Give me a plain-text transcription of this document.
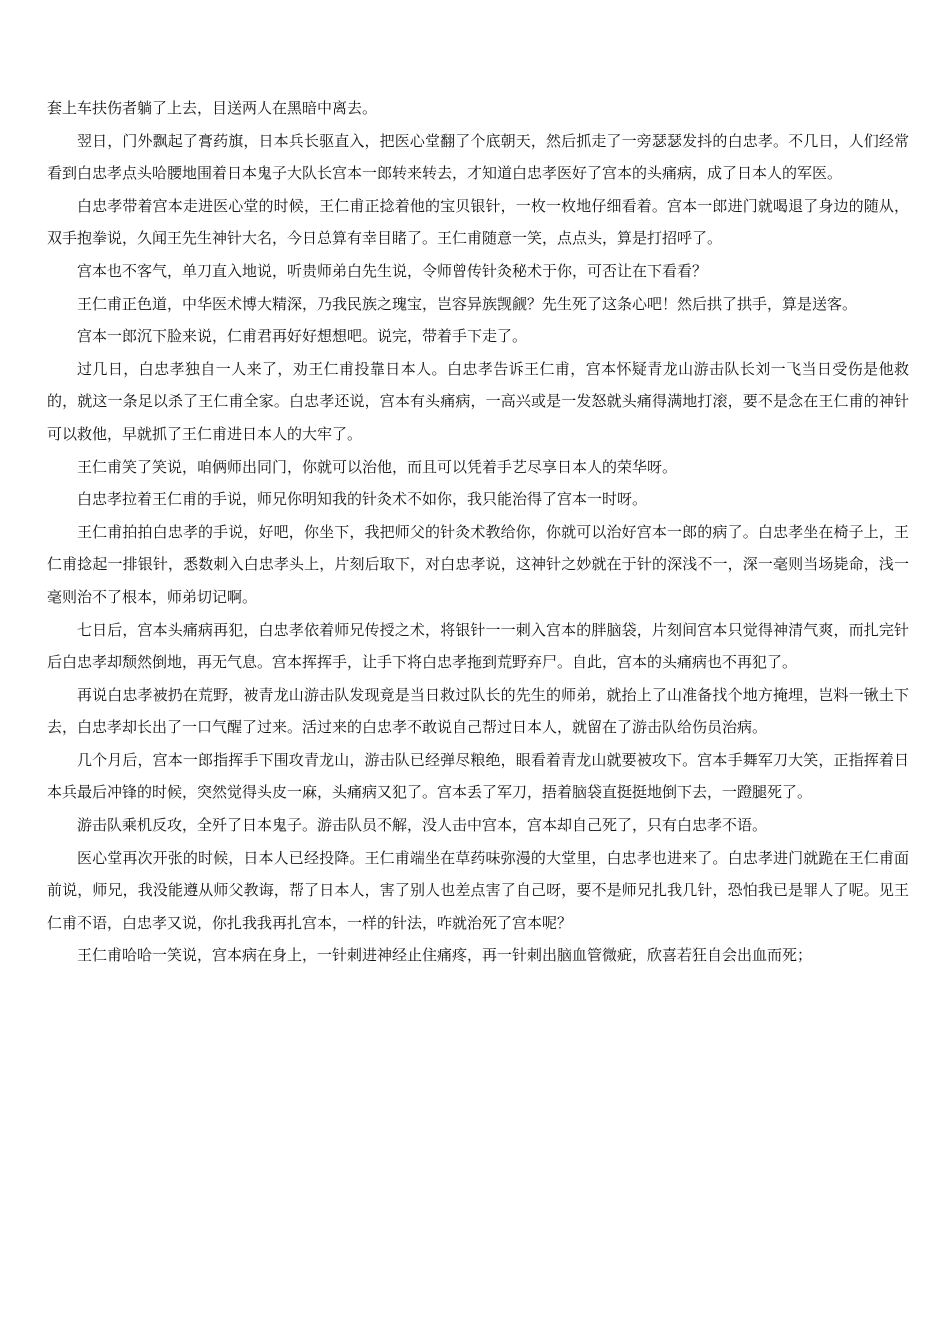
套上车扶伤者躺了上去，目送两人在黑暗中离去。

翌日，门外飘起了膏药旗，日本兵长驱直入，把医心堂翻了个底朝天，然后抓走了一旁瑟瑟发抖的白忠孝。不几日，人们经常看到白忠孝点头哈腰地围着日本鬼子大队长宫本一郎转来转去，才知道白忠孝医好了宫本的头痛病，成了日本人的军医。

白忠孝带着宫本走进医心堂的时候，王仁甫正捻着他的宝贝银针，一枚一枚地仔细看着。宫本一郎进门就喝退了身边的随从，双手抱拳说，久闻王先生神针大名，今日总算有幸目睹了。王仁甫随意一笑，点点头，算是打招呼了。

宫本也不客气，单刀直入地说，听贵师弟白先生说，令师曾传针灸秘术于你，可否让在下看看？

王仁甫正色道，中华医术博大精深，乃我民族之瑰宝，岂容异族觊觎？先生死了这条心吧！然后拱了拱手，算是送客。

宫本一郎沉下脸来说，仁甫君再好好想想吧。说完，带着手下走了。

过几日，白忠孝独自一人来了，劝王仁甫投靠日本人。白忠孝告诉王仁甫，宫本怀疑青龙山游击队长刘一飞当日受伤是他救的，就这一条足以杀了王仁甫全家。白忠孝还说，宫本有头痛病，一高兴或是一发怒就头痛得满地打滚，要不是念在王仁甫的神针可以救他，早就抓了王仁甫进日本人的大牢了。

王仁甫笑了笑说，咱俩师出同门，你就可以治他，而且可以凭着手艺尽享日本人的荣华呀。

白忠孝拉着王仁甫的手说，师兄你明知我的针灸术不如你，我只能治得了宫本一时呀。

王仁甫拍拍白忠孝的手说，好吧，你坐下，我把师父的针灸术教给你，你就可以治好宫本一郎的病了。白忠孝坐在椅子上，王仁甫捻起一排银针，悉数刺入白忠孝头上，片刻后取下，对白忠孝说，这神针之妙就在于针的深浅不一，深一毫则当场毙命，浅一毫则治不了根本，师弟切记啊。

七日后，宫本头痛病再犯，白忠孝依着师兄传授之术，将银针一一刺入宫本的胖脑袋，片刻间宫本只觉得神清气爽，而扎完针后白忠孝却颓然倒地，再无气息。宫本挥挥手，让手下将白忠孝拖到荒野弃尸。自此，宫本的头痛病也不再犯了。

再说白忠孝被扔在荒野，被青龙山游击队发现竟是当日救过队长的先生的师弟，就抬上了山准备找个地方掩埋，岂料一锹土下去，白忠孝却长出了一口气醒了过来。活过来的白忠孝不敢说自己帮过日本人，就留在了游击队给伤员治病。

几个月后，宫本一郎指挥手下围攻青龙山，游击队已经弹尽粮绝，眼看着青龙山就要被攻下。宫本手舞军刀大笑，正指挥着日本兵最后冲锋的时候，突然觉得头皮一麻，头痛病又犯了。宫本丢了军刀，捂着脑袋直挺挺地倒下去，一蹬腿死了。

游击队乘机反攻，全歼了日本鬼子。游击队员不解，没人击中宫本，宫本却自己死了，只有白忠孝不语。

医心堂再次开张的时候，日本人已经投降。王仁甫端坐在草药味弥漫的大堂里，白忠孝也进来了。白忠孝进门就跪在王仁甫面前说，师兄，我没能遵从师父教诲，帮了日本人，害了别人也差点害了自己呀，要不是师兄扎我几针，恐怕我已是罪人了呢。见王仁甫不语，白忠孝又说，你扎我我再扎宫本，一样的针法，咋就治死了宫本呢？

王仁甫哈哈一笑说，宫本病在身上，一针刺进神经止住痛疼，再一针刺出脑血管微疵，欣喜若狂自会出血而死；
